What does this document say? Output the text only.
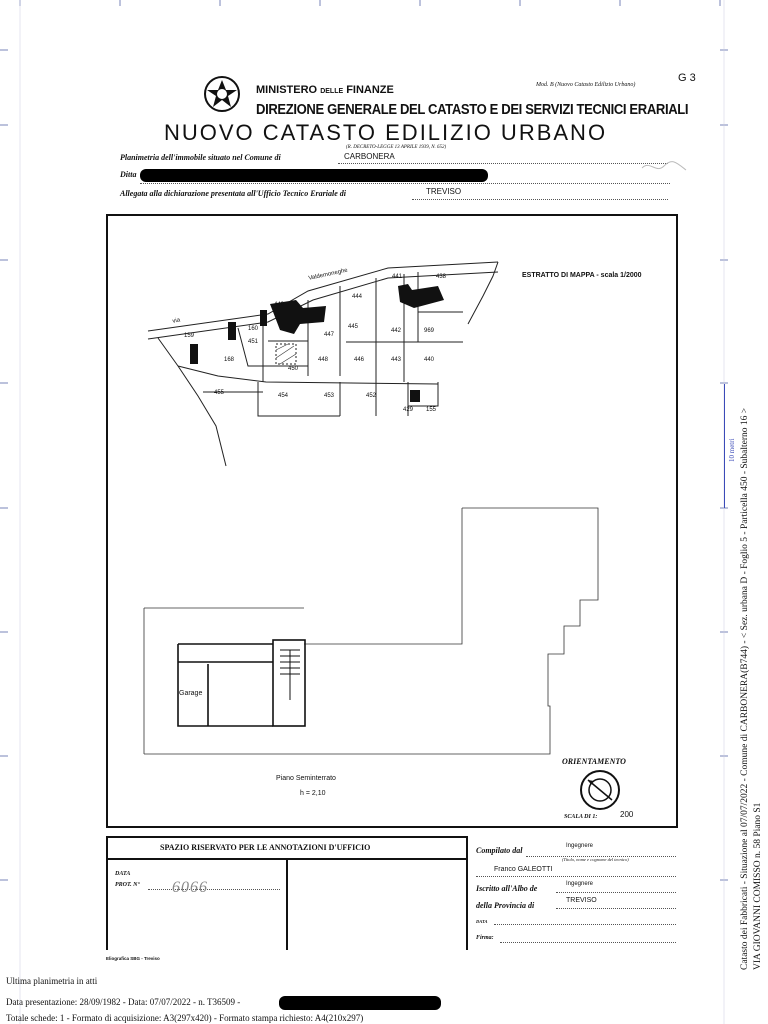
MINISTERO DELLE FINANZE	Mod. B (Nuovo Catasto Edilizio Urbano)
G 3
DIREZIONE GENERALE DEL CATASTO E DEI SERVIZI TECNICI ERARIALI
NUOVO CATASTO EDILIZIO URBANO
(R. DECRETO-LEGGE 13 APRILE 1939, N. 652)
Planimetria dell'immobile situato nel Comune di	CARBONERA
Ditta
Allegata alla dichiarazione presentata all'Ufficio Tecnico Erariale di	TREVISO
ESTRATTO DI MAPPA - scala 1/2000
Valdemoneghe
via
441	438
444
449
445
442	969
159
160
447
451
168	448	446	443	440
450
455	454	453	452
429 155
Garage
Piano Seminterrato
h = 2,10
ORIENTAMENTO
SCALA DI 1:	200
10 metri
SPAZIO RISERVATO PER LE ANNOTAZIONI D'UFFICIO
DATA
PROT. N° 6066
Compilato dal	Ingegnere
(Titolo, nome e cognome del tecnico)
Franco GALEOTTI
Iscritto all'Albo de	Ingegnere
della Provincia di
TREVISO
DATA
Firma:
Eliografica SBG - Treviso
Ultima planimetria in atti
Data presentazione: 28/09/1982 - Data: 07/07/2022 - n. T36509 -
Totale schede: 1 - Formato di acquisizione: A3(297x420) - Formato stampa richiesto: A4(210x297)
Catasto dei Fabbricati - Situazione al 07/07/2022 - Comune di CARBONERA(B744) - < Sez. urbana D - Foglio 5 - Particella 450 - Subalterno 16 > VIA GIOVANNI COMISSO n. 58 Piano S1
